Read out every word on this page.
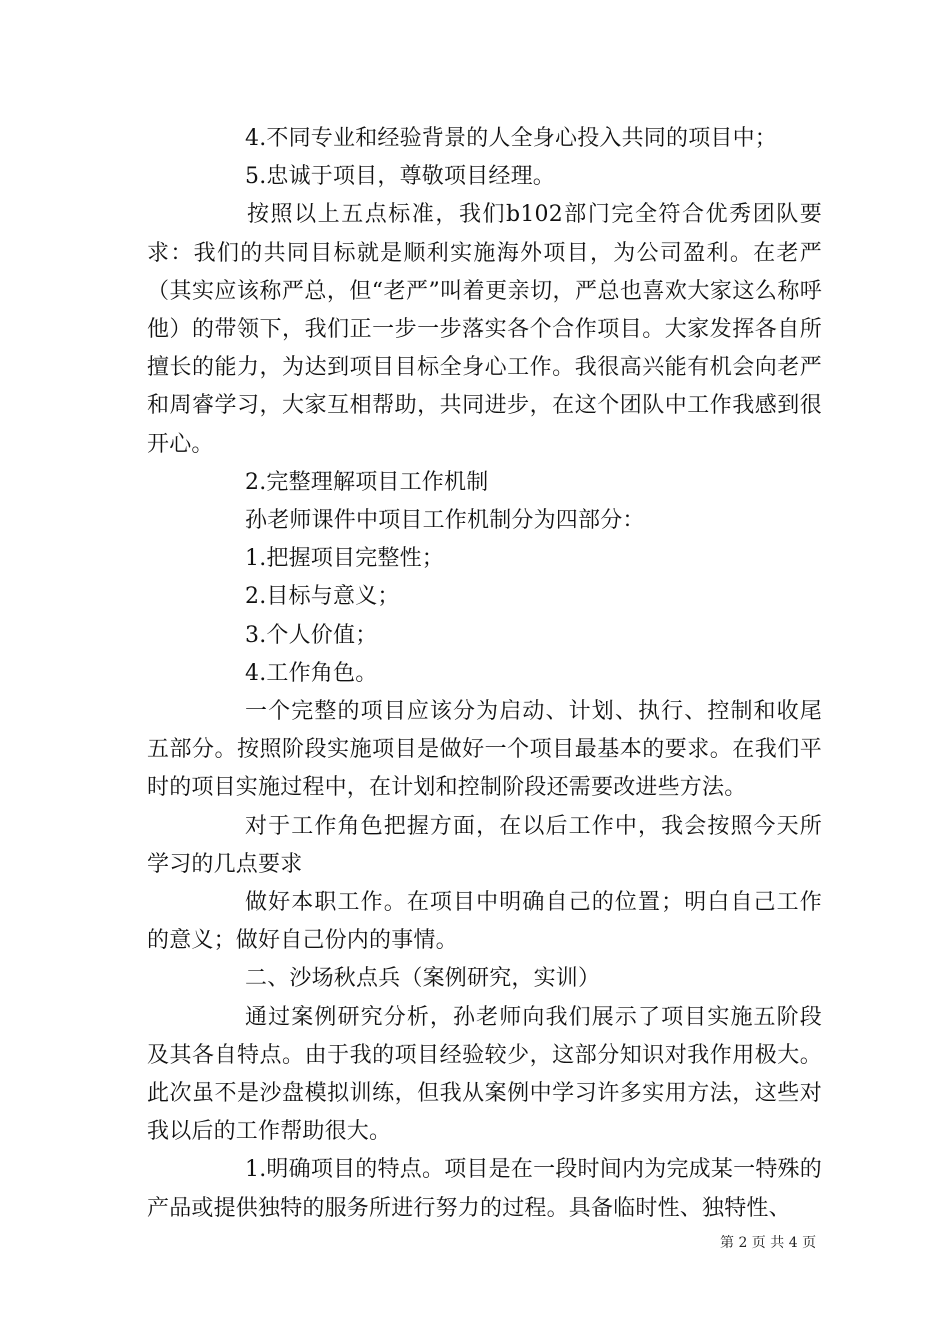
4.不同专业和经验背景的人全身心投入共同的项目中；

5.忠诚于项目，尊敬项目经理。

按照以上五点标准，我们b102部门完全符合优秀团队要求：我们的共同目标就是顺利实施海外项目，为公司盈利。在老严（其实应该称严总，但“老严”叫着更亲切，严总也喜欢大家这么称呼他）的带领下，我们正一步一步落实各个合作项目。大家发挥各自所擅长的能力，为达到项目目标全身心工作。我很高兴能有机会向老严和周睿学习，大家互相帮助，共同进步，在这个团队中工作我感到很开心。

2.完整理解项目工作机制

孙老师课件中项目工作机制分为四部分：

1.把握项目完整性；

2.目标与意义；

3.个人价值；

4.工作角色。

一个完整的项目应该分为启动、计划、执行、控制和收尾五部分。按照阶段实施项目是做好一个项目最基本的要求。在我们平时的项目实施过程中，在计划和控制阶段还需要改进些方法。

对于工作角色把握方面，在以后工作中，我会按照今天所学习的几点要求

做好本职工作。在项目中明确自己的位置；明白自己工作的意义；做好自己份内的事情。

二、沙场秋点兵（案例研究，实训）

通过案例研究分析，孙老师向我们展示了项目实施五阶段及其各自特点。由于我的项目经验较少，这部分知识对我作用极大。此次虽不是沙盘模拟训练，但我从案例中学习许多实用方法，这些对我以后的工作帮助很大。

1.明确项目的特点。项目是在一段时间内为完成某一特殊的产品或提供独特的服务所进行努力的过程。具备临时性、独特性、

第 2 页 共 4 页
